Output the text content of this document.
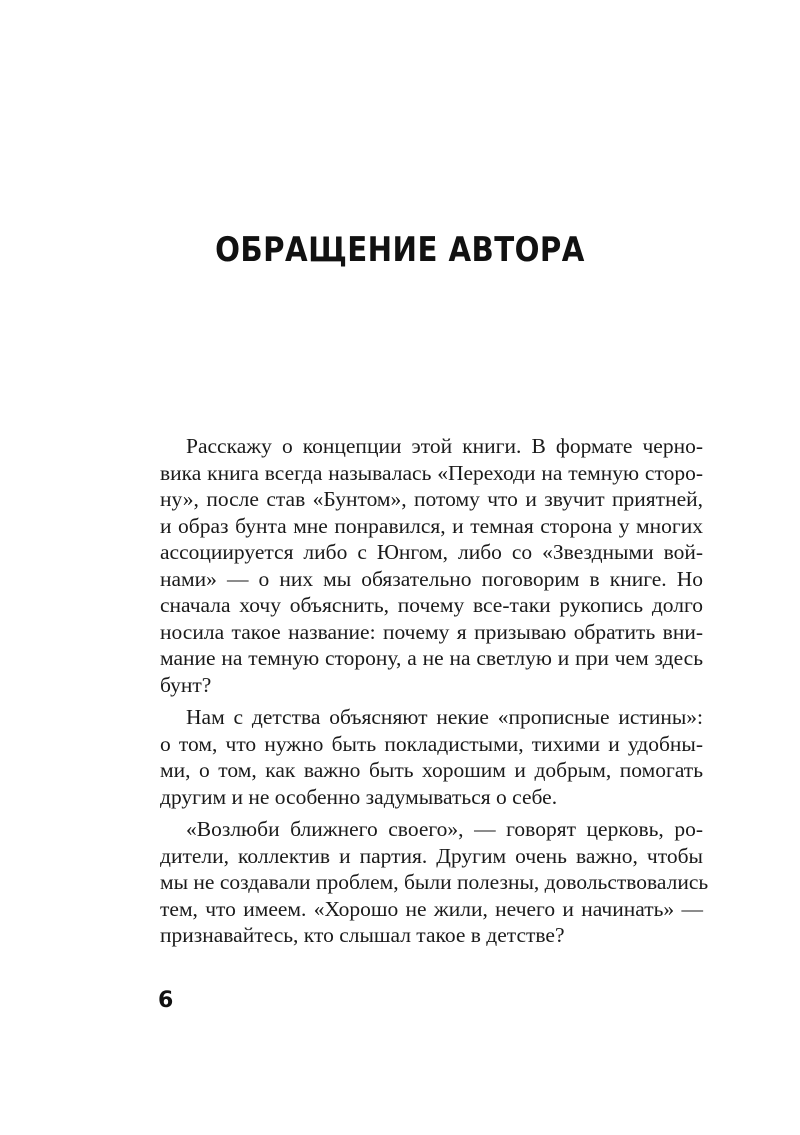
ОБРАЩЕНИЕ АВТОРА
Расскажу о концепции этой книги. В формате черно-
вика книга всегда называлась «Переходи на темную сторо-
ну», после став «Бунтом», потому что и звучит приятней,
и образ бунта мне понравился, и темная сторона у многих
ассоциируется либо с Юнгом, либо со «Звездными вой-
нами» — о них мы обязательно поговорим в книге. Но
сначала хочу объяснить, почему все-таки рукопись долго
носила такое название: почему я призываю обратить вни-
мание на темную сторону, а не на светлую и при чем здесь
бунт?
Нам с детства объясняют некие «прописные истины»:
о том, что нужно быть покладистыми, тихими и удобны-
ми, о том, как важно быть хорошим и добрым, помогать
другим и не особенно задумываться о себе.
«Возлюби ближнего своего», — говорят церковь, ро-
дители, коллектив и партия. Другим очень важно, чтобы
мы не создавали проблем, были полезны, довольствовались
тем, что имеем. «Хорошо не жили, нечего и начинать» —
признавайтесь, кто слышал такое в детстве?
6
